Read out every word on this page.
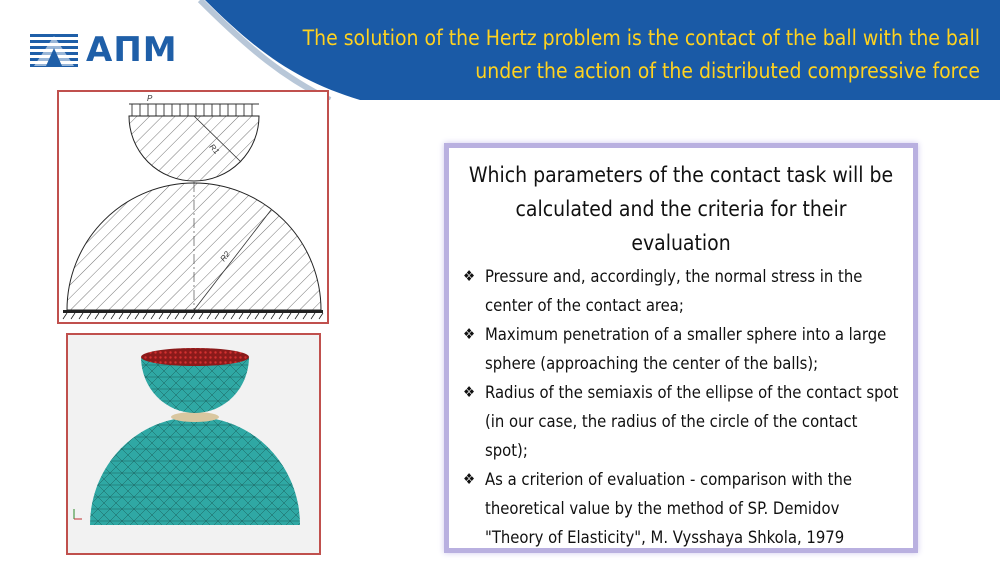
АПМ	The solution of the Hertz problem is the contact of the ball with the ball under the action of the distributed compressive force
P
R1
R2
Which parameters of the contact task will be calculated and the criteria for their evaluation
❖ Pressure and, accordingly, the normal stress in the center of the contact area;
❖ Maximum penetration of a smaller sphere into a large sphere (approaching the center of the balls);
❖ Radius of the semiaxis of the ellipse of the contact spot (in our case, the radius of the circle of the contact spot);
❖ As a criterion of evaluation - comparison with the theoretical value by the method of SP. Demidov "Theory of Elasticity", M. Vysshaya Shkola, 1979
